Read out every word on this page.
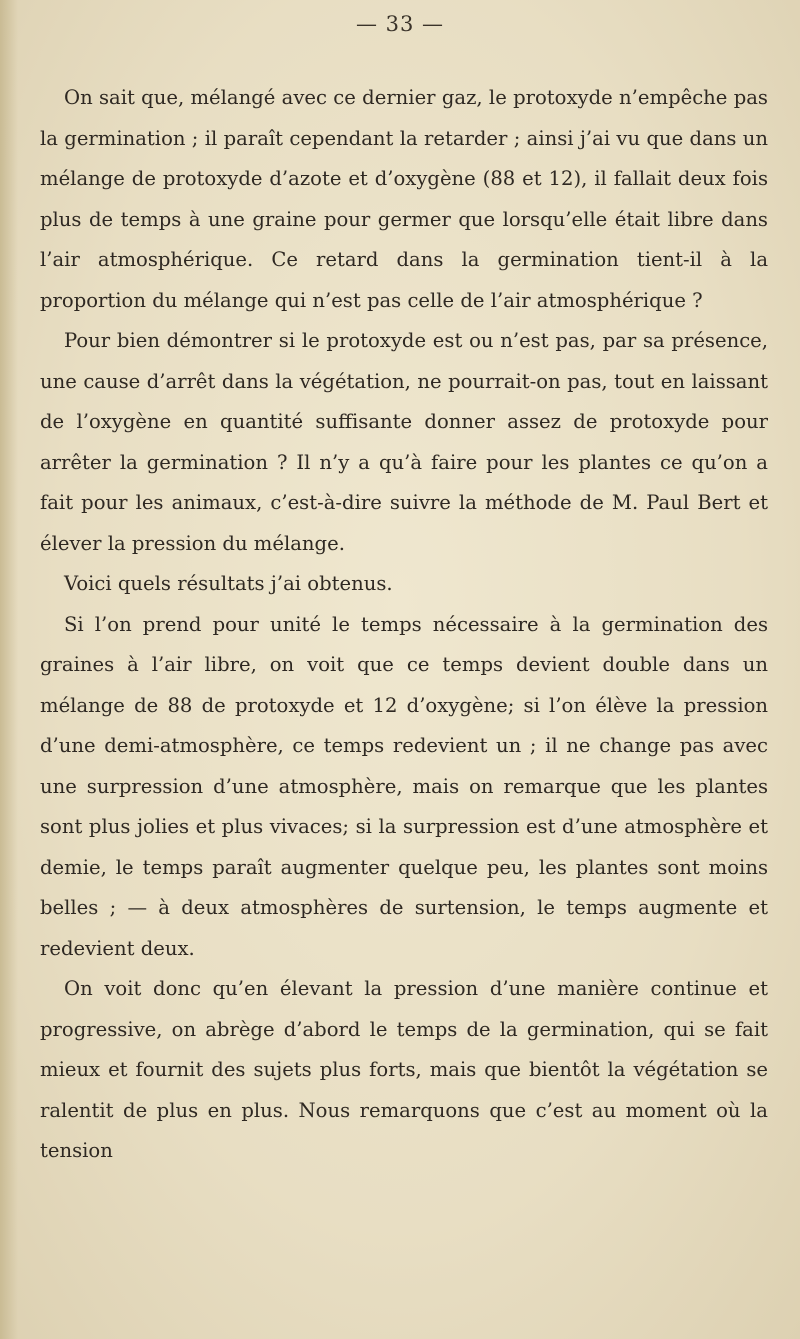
— 33 —

On sait que, mélangé avec ce dernier gaz, le protoxyde n’empêche pas la germination ; il paraît cependant la retarder ; ainsi j’ai vu que dans un mélange de protoxyde d’azote et d’oxygène (88 et 12), il fallait deux fois plus de temps à une graine pour germer que lorsqu’elle était libre dans l’air atmosphérique. Ce retard dans la germination tient-il à la proportion du mélange qui n’est pas celle de l’air atmosphérique ?

Pour bien démontrer si le protoxyde est ou n’est pas, par sa présence, une cause d’arrêt dans la végétation, ne pourrait-on pas, tout en laissant de l’oxygène en quantité suffisante donner assez de protoxyde pour arrêter la germination ? Il n’y a qu’à faire pour les plantes ce qu’on a fait pour les animaux, c’est-à-dire suivre la méthode de M. Paul Bert et élever la pression du mélange.

Voici quels résultats j’ai obtenus.

Si l’on prend pour unité le temps nécessaire à la germination des graines à l’air libre, on voit que ce temps devient double dans un mélange de 88 de protoxyde et 12 d’oxygène; si l’on élève la pression d’une demi-atmosphère, ce temps redevient un ; il ne change pas avec une surpression d’une atmosphère, mais on remarque que les plantes sont plus jolies et plus vivaces; si la surpression est d’une atmosphère et demie, le temps paraît augmenter quelque peu, les plantes sont moins belles ; — à deux atmosphères de surtension, le temps augmente et redevient deux.

On voit donc qu’en élevant la pression d’une manière continue et progressive, on abrège d’abord le temps de la germination, qui se fait mieux et fournit des sujets plus forts, mais que bientôt la végétation se ralentit de plus en plus. Nous remarquons que c’est au moment où la tension
